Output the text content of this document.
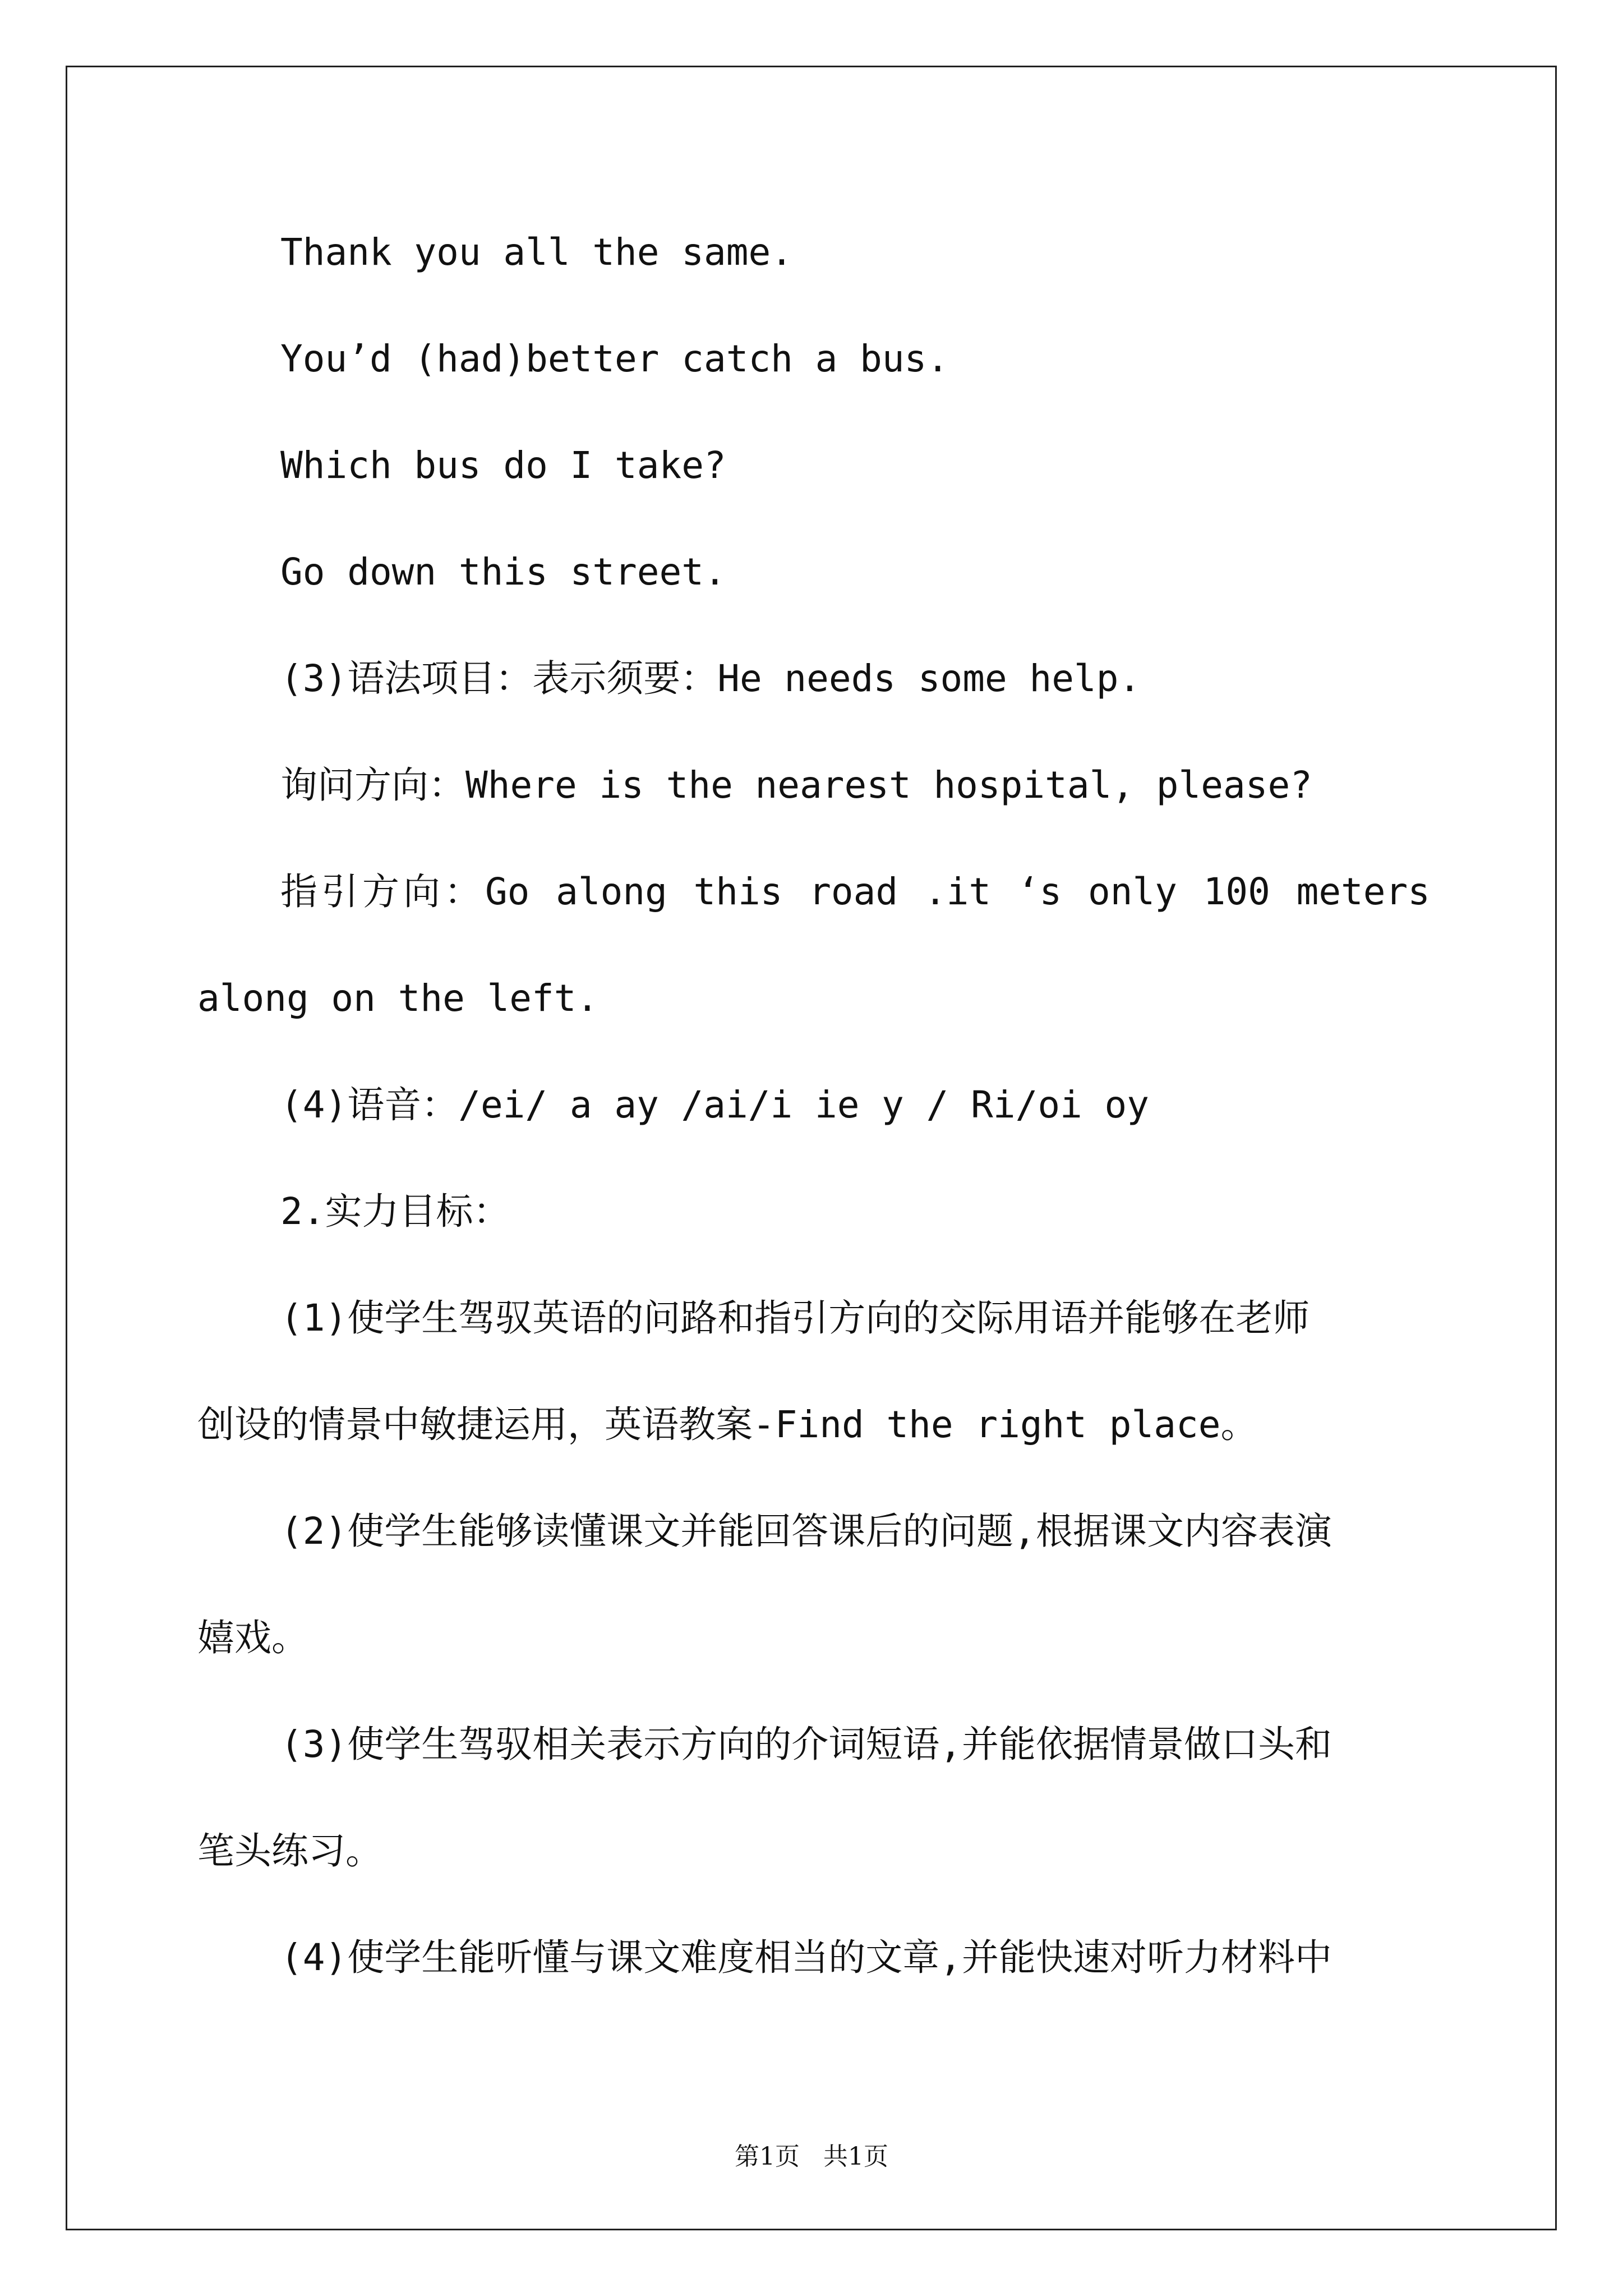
Thank you all the same.
You’d (had)better catch a bus.
Which bus do I take?
Go down this street.
(3)语法项目：表示须要：He needs some help.
询问方向：Where is the nearest hospital, please?
指引方向：Go along this road .it ‘s only 100 meters
along on the left.
(4)语音：/ei/ a ay /ai/i ie y / Ri/oi oy
2.实力目标：
(1)使学生驾驭英语的问路和指引方向的交际用语并能够在老师
创设的情景中敏捷运用，英语教案-Find the right place。
(2)使学生能够读懂课文并能回答课后的问题,根据课文内容表演
嬉戏。
(3)使学生驾驭相关表示方向的介词短语,并能依据情景做口头和
笔头练习。
(4)使学生能听懂与课文难度相当的文章,并能快速对听力材料中
第1页   共1页
